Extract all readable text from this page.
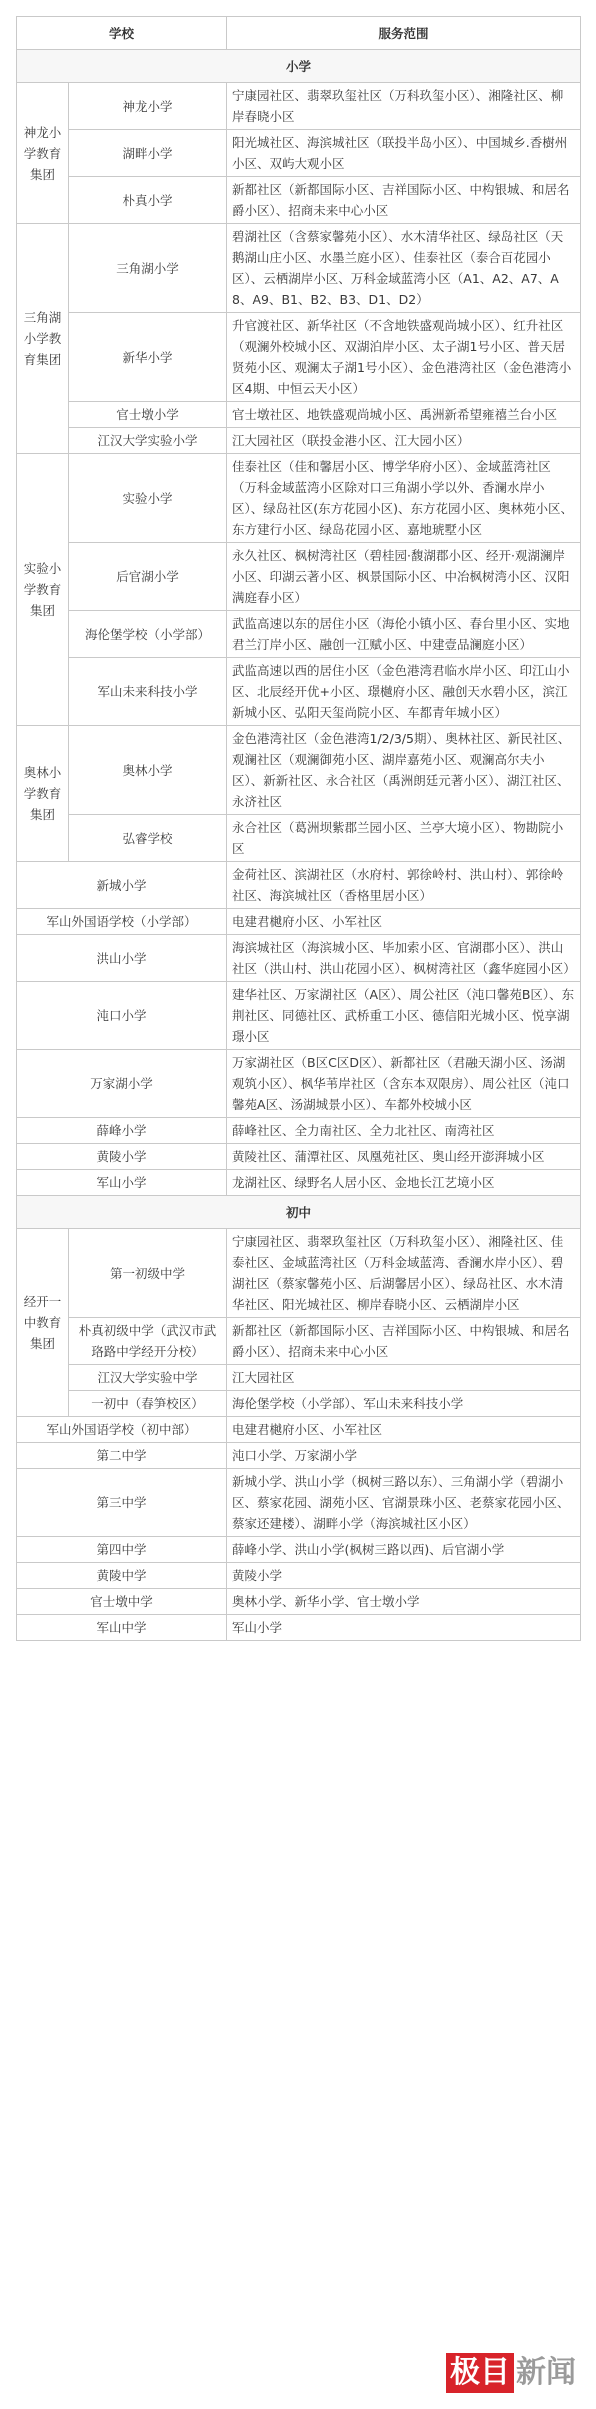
学校		服务范围
小学		
神龙小学教育集团	神龙小学	宁康园社区、翡翠玖玺社区（万科玖玺小区）、湘隆社区、柳岸春晓小区
	湖畔小学	阳光城社区、海滨城社区（联投半岛小区）、中国城乡.香樹州小区、双屿大观小区
	朴真小学	新都社区（新都国际小区、吉祥国际小区、中构银城、和居名爵小区）、招商未来中心小区
三角湖小学教育集团	三角湖小学	碧湖社区（含蔡家馨苑小区）、水木清华社区、绿岛社区（天鹅湖山庄小区、水墨兰庭小区）、佳泰社区（泰合百花园小区）、云栖湖岸小区、万科金域蓝湾小区（A1、A2、A7、A8、A9、B1、B2、B3、D1、D2）
	新华小学	升官渡社区、新华社区（不含地铁盛观尚城小区）、红升社区（观澜外校城小区、双湖泊岸小区、太子湖1号小区、普天居贤苑小区、观澜太子湖1号小区）、金色港湾社区（金色港湾小区4期、中恒云天小区）
	官士墩小学	官士墩社区、地铁盛观尚城小区、禹洲新希望雍禧兰台小区
	江汉大学实验小学	江大园社区（联投金港小区、江大园小区）
实验小学教育集团	实验小学	佳泰社区（佳和馨居小区、博学华府小区）、金域蓝湾社区（万科金域蓝湾小区除对口三角湖小学以外、香澜水岸小区）、绿岛社区(东方花园小区)、东方花园小区、奥林苑小区、东方建行小区、绿岛花园小区、嘉地琥墅小区
	后官湖小学	永久社区、枫树湾社区（碧桂园·馥湖郡小区、经开·观湖澜岸小区、印湖云著小区、枫景国际小区、中冶枫树湾小区、汉阳满庭春小区）
	海伦堡学校（小学部）	武监高速以东的居住小区（海伦小镇小区、春台里小区、实地君兰汀岸小区、融创一江赋小区、中建壹品澜庭小区）
	军山未来科技小学	武监高速以西的居住小区（金色港湾君临水岸小区、印江山小区、北辰经开优+小区、璟樾府小区、融创天水碧小区，滨江新城小区、弘阳天玺尚院小区、车都青年城小区）
奥林小学教育集团	奥林小学	金色港湾社区（金色港湾1/2/3/5期）、奥林社区、新民社区、观澜社区（观澜御苑小区、湖岸嘉苑小区、观澜高尔夫小区）、新新社区、永合社区（禹洲朗廷元著小区）、湖江社区、永济社区
	弘睿学校	永合社区（葛洲坝紫郡兰园小区、兰亭大境小区）、物勘院小区
新城小学		金荷社区、滨湖社区（水府村、郭徐岭村、洪山村）、郭徐岭社区、海滨城社区（香格里居小区）
军山外国语学校（小学部）		电建君樾府小区、小军社区
洪山小学		海滨城社区（海滨城小区、毕加索小区、官湖郡小区）、洪山社区（洪山村、洪山花园小区）、枫树湾社区（鑫华庭园小区）
沌口小学		建华社区、万家湖社区（A区）、周公社区（沌口馨苑B区）、东荆社区、同德社区、武桥重工小区、德信阳光城小区、悦享湖璟小区
万家湖小学		万家湖社区（B区C区D区）、新都社区（君融天湖小区、汤湖观筑小区）、枫华苇岸社区（含东本双限房）、周公社区（沌口馨苑A区、汤湖城景小区）、车都外校城小区
薛峰小学		薛峰社区、全力南社区、全力北社区、南湾社区
黄陵小学		黄陵社区、蒲潭社区、凤凰苑社区、奥山经开澎湃城小区
军山小学		龙湖社区、绿野名人居小区、金地长江艺境小区
初中		
经开一中教育集团	第一初级中学	宁康园社区、翡翠玖玺社区（万科玖玺小区）、湘隆社区、佳泰社区、金域蓝湾社区（万科金域蓝湾、香澜水岸小区）、碧湖社区（蔡家馨苑小区、后湖馨居小区）、绿岛社区、水木清华社区、阳光城社区、柳岸春晓小区、云栖湖岸小区
	朴真初级中学（武汉市武珞路中学经开分校）	新都社区（新都国际小区、吉祥国际小区、中构银城、和居名爵小区）、招商未来中心小区
	江汉大学实验中学	江大园社区
	一初中（春笋校区）	海伦堡学校（小学部）、军山未来科技小学
军山外国语学校（初中部）		电建君樾府小区、小军社区
第二中学		沌口小学、万家湖小学
第三中学		新城小学、洪山小学（枫树三路以东）、三角湖小学（碧湖小区、蔡家花园、湖苑小区、官湖景珠小区、老蔡家花园小区、蔡家还建楼）、湖畔小学（海滨城社区小区）
第四中学		薛峰小学、洪山小学(枫树三路以西)、后官湖小学
黄陵中学		黄陵小学
官士墩中学		奥林小学、新华小学、官士墩小学
军山中学		军山小学
极目 新闻
